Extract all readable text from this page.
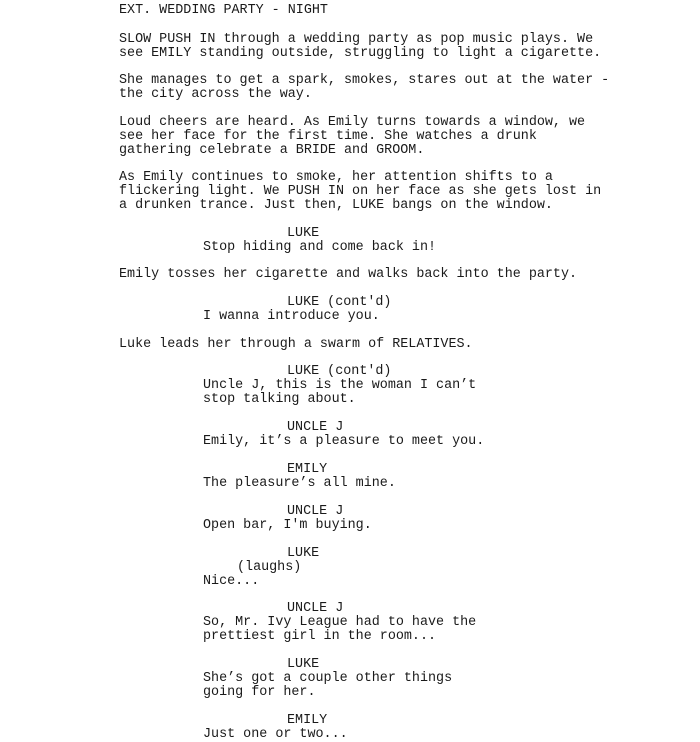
EXT. WEDDING PARTY - NIGHT
SLOW PUSH IN through a wedding party as pop music plays. We
see EMILY standing outside, struggling to light a cigarette.
She manages to get a spark, smokes, stares out at the water -
the city across the way.
Loud cheers are heard. As Emily turns towards a window, we
see her face for the first time. She watches a drunk
gathering celebrate a BRIDE and GROOM.
As Emily continues to smoke, her attention shifts to a
flickering light. We PUSH IN on her face as she gets lost in
a drunken trance. Just then, LUKE bangs on the window.
LUKE
Stop hiding and come back in!
Emily tosses her cigarette and walks back into the party.
LUKE (cont'd)
I wanna introduce you.
Luke leads her through a swarm of RELATIVES.
LUKE (cont'd)
Uncle J, this is the woman I can’t
stop talking about.
UNCLE J
Emily, it’s a pleasure to meet you.
EMILY
The pleasure’s all mine.
UNCLE J
Open bar, I'm buying.
LUKE
(laughs)
Nice...
UNCLE J
So, Mr. Ivy League had to have the
prettiest girl in the room...
LUKE
She’s got a couple other things
going for her.
EMILY
Just one or two...
